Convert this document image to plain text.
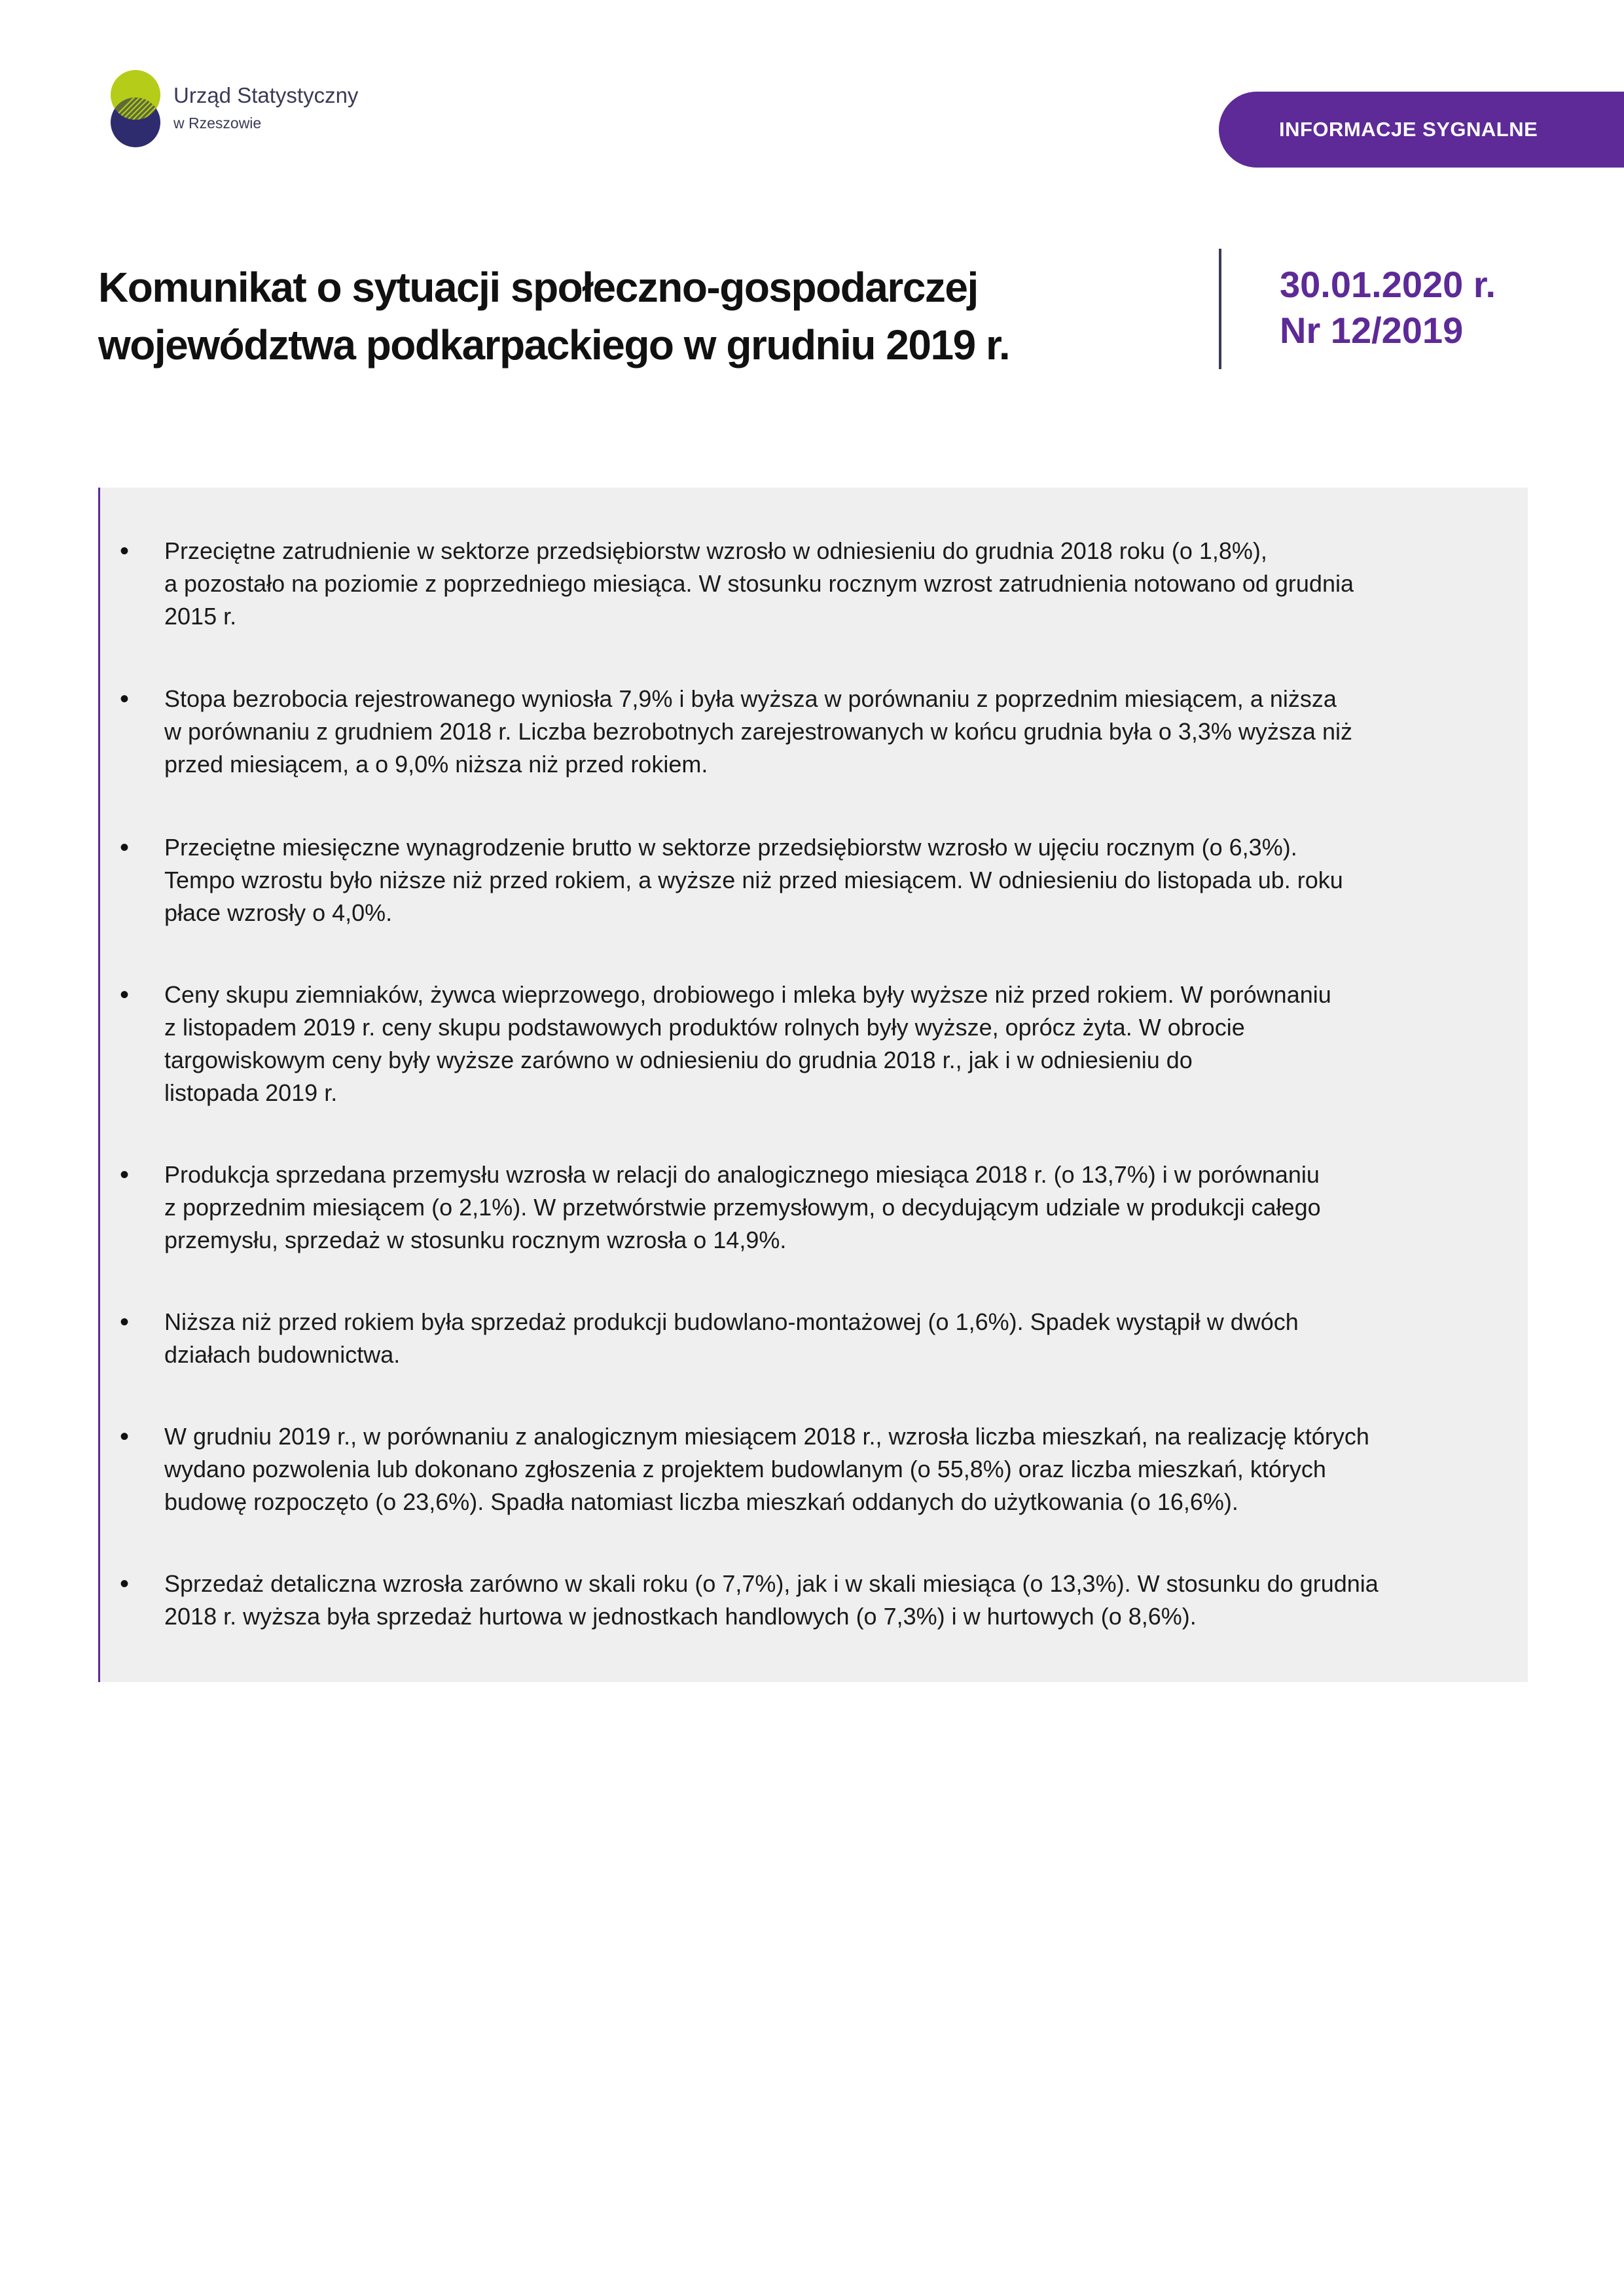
Urząd Statystyczny
w Rzeszowie	INFORMACJE SYGNALNE
Komunikat o sytuacji społeczno-gospodarczej
województwa podkarpackiego w grudniu 2019 r.
30.01.2020 r.
Nr 12/2019
• Przeciętne zatrudnienie w sektorze przedsiębiorstw wzrosło w odniesieniu do grudnia 2018 roku (o 1,8%),
a pozostało na poziomie z poprzedniego miesiąca. W stosunku rocznym wzrost zatrudnienia notowano od grudnia
2015 r.

• Stopa bezrobocia rejestrowanego wyniosła 7,9% i była wyższa w porównaniu z poprzednim miesiącem, a niższa
w porównaniu z grudniem 2018 r. Liczba bezrobotnych zarejestrowanych w końcu grudnia była o 3,3% wyższa niż
przed miesiącem, a o 9,0% niższa niż przed rokiem.

• Przeciętne miesięczne wynagrodzenie brutto w sektorze przedsiębiorstw wzrosło w ujęciu rocznym (o 6,3%).
Tempo wzrostu było niższe niż przed rokiem, a wyższe niż przed miesiącem. W odniesieniu do listopada ub. roku
płace wzrosły o 4,0%.

• Ceny skupu ziemniaków, żywca wieprzowego, drobiowego i mleka były wyższe niż przed rokiem. W porównaniu
z listopadem 2019 r. ceny skupu podstawowych produktów rolnych były wyższe, oprócz żyta. W obrocie
targowiskowym ceny były wyższe zarówno w odniesieniu do grudnia 2018 r., jak i w odniesieniu do
listopada 2019 r.

• Produkcja sprzedana przemysłu wzrosła w relacji do analogicznego miesiąca 2018 r. (o 13,7%) i w porównaniu
z poprzednim miesiącem (o 2,1%). W przetwórstwie przemysłowym, o decydującym udziale w produkcji całego
przemysłu, sprzedaż w stosunku rocznym wzrosła o 14,9%.

• Niższa niż przed rokiem była sprzedaż produkcji budowlano-montażowej (o 1,6%). Spadek wystąpił w dwóch
działach budownictwa.

• W grudniu 2019 r., w porównaniu z analogicznym miesiącem 2018 r., wzrosła liczba mieszkań, na realizację których
wydano pozwolenia lub dokonano zgłoszenia z projektem budowlanym (o 55,8%) oraz liczba mieszkań, których
budowę rozpoczęto (o 23,6%). Spadła natomiast liczba mieszkań oddanych do użytkowania (o 16,6%).

• Sprzedaż detaliczna wzrosła zarówno w skali roku (o 7,7%), jak i w skali miesiąca (o 13,3%). W stosunku do grudnia
2018 r. wyższa była sprzedaż hurtowa w jednostkach handlowych (o 7,3%) i w hurtowych (o 8,6%).
